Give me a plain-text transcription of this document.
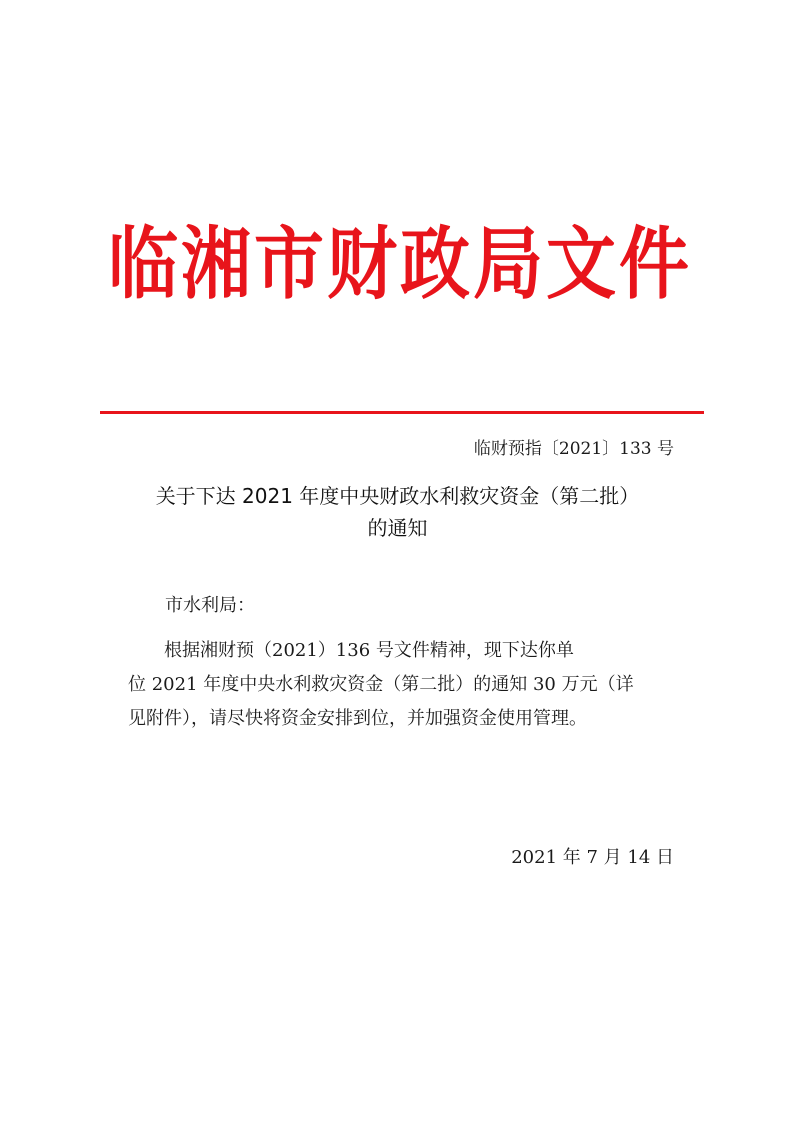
临湘市财政局文件
临财预指〔2021〕133 号
关于下达 2021 年度中央财政水利救灾资金（第二批）
的通知
市水利局：
根据湘财预（2021）136 号文件精神，现下达你单
位 2021 年度中央水利救灾资金（第二批）的通知 30 万元（详
见附件），请尽快将资金安排到位，并加强资金使用管理。
2021 年 7 月 14 日
